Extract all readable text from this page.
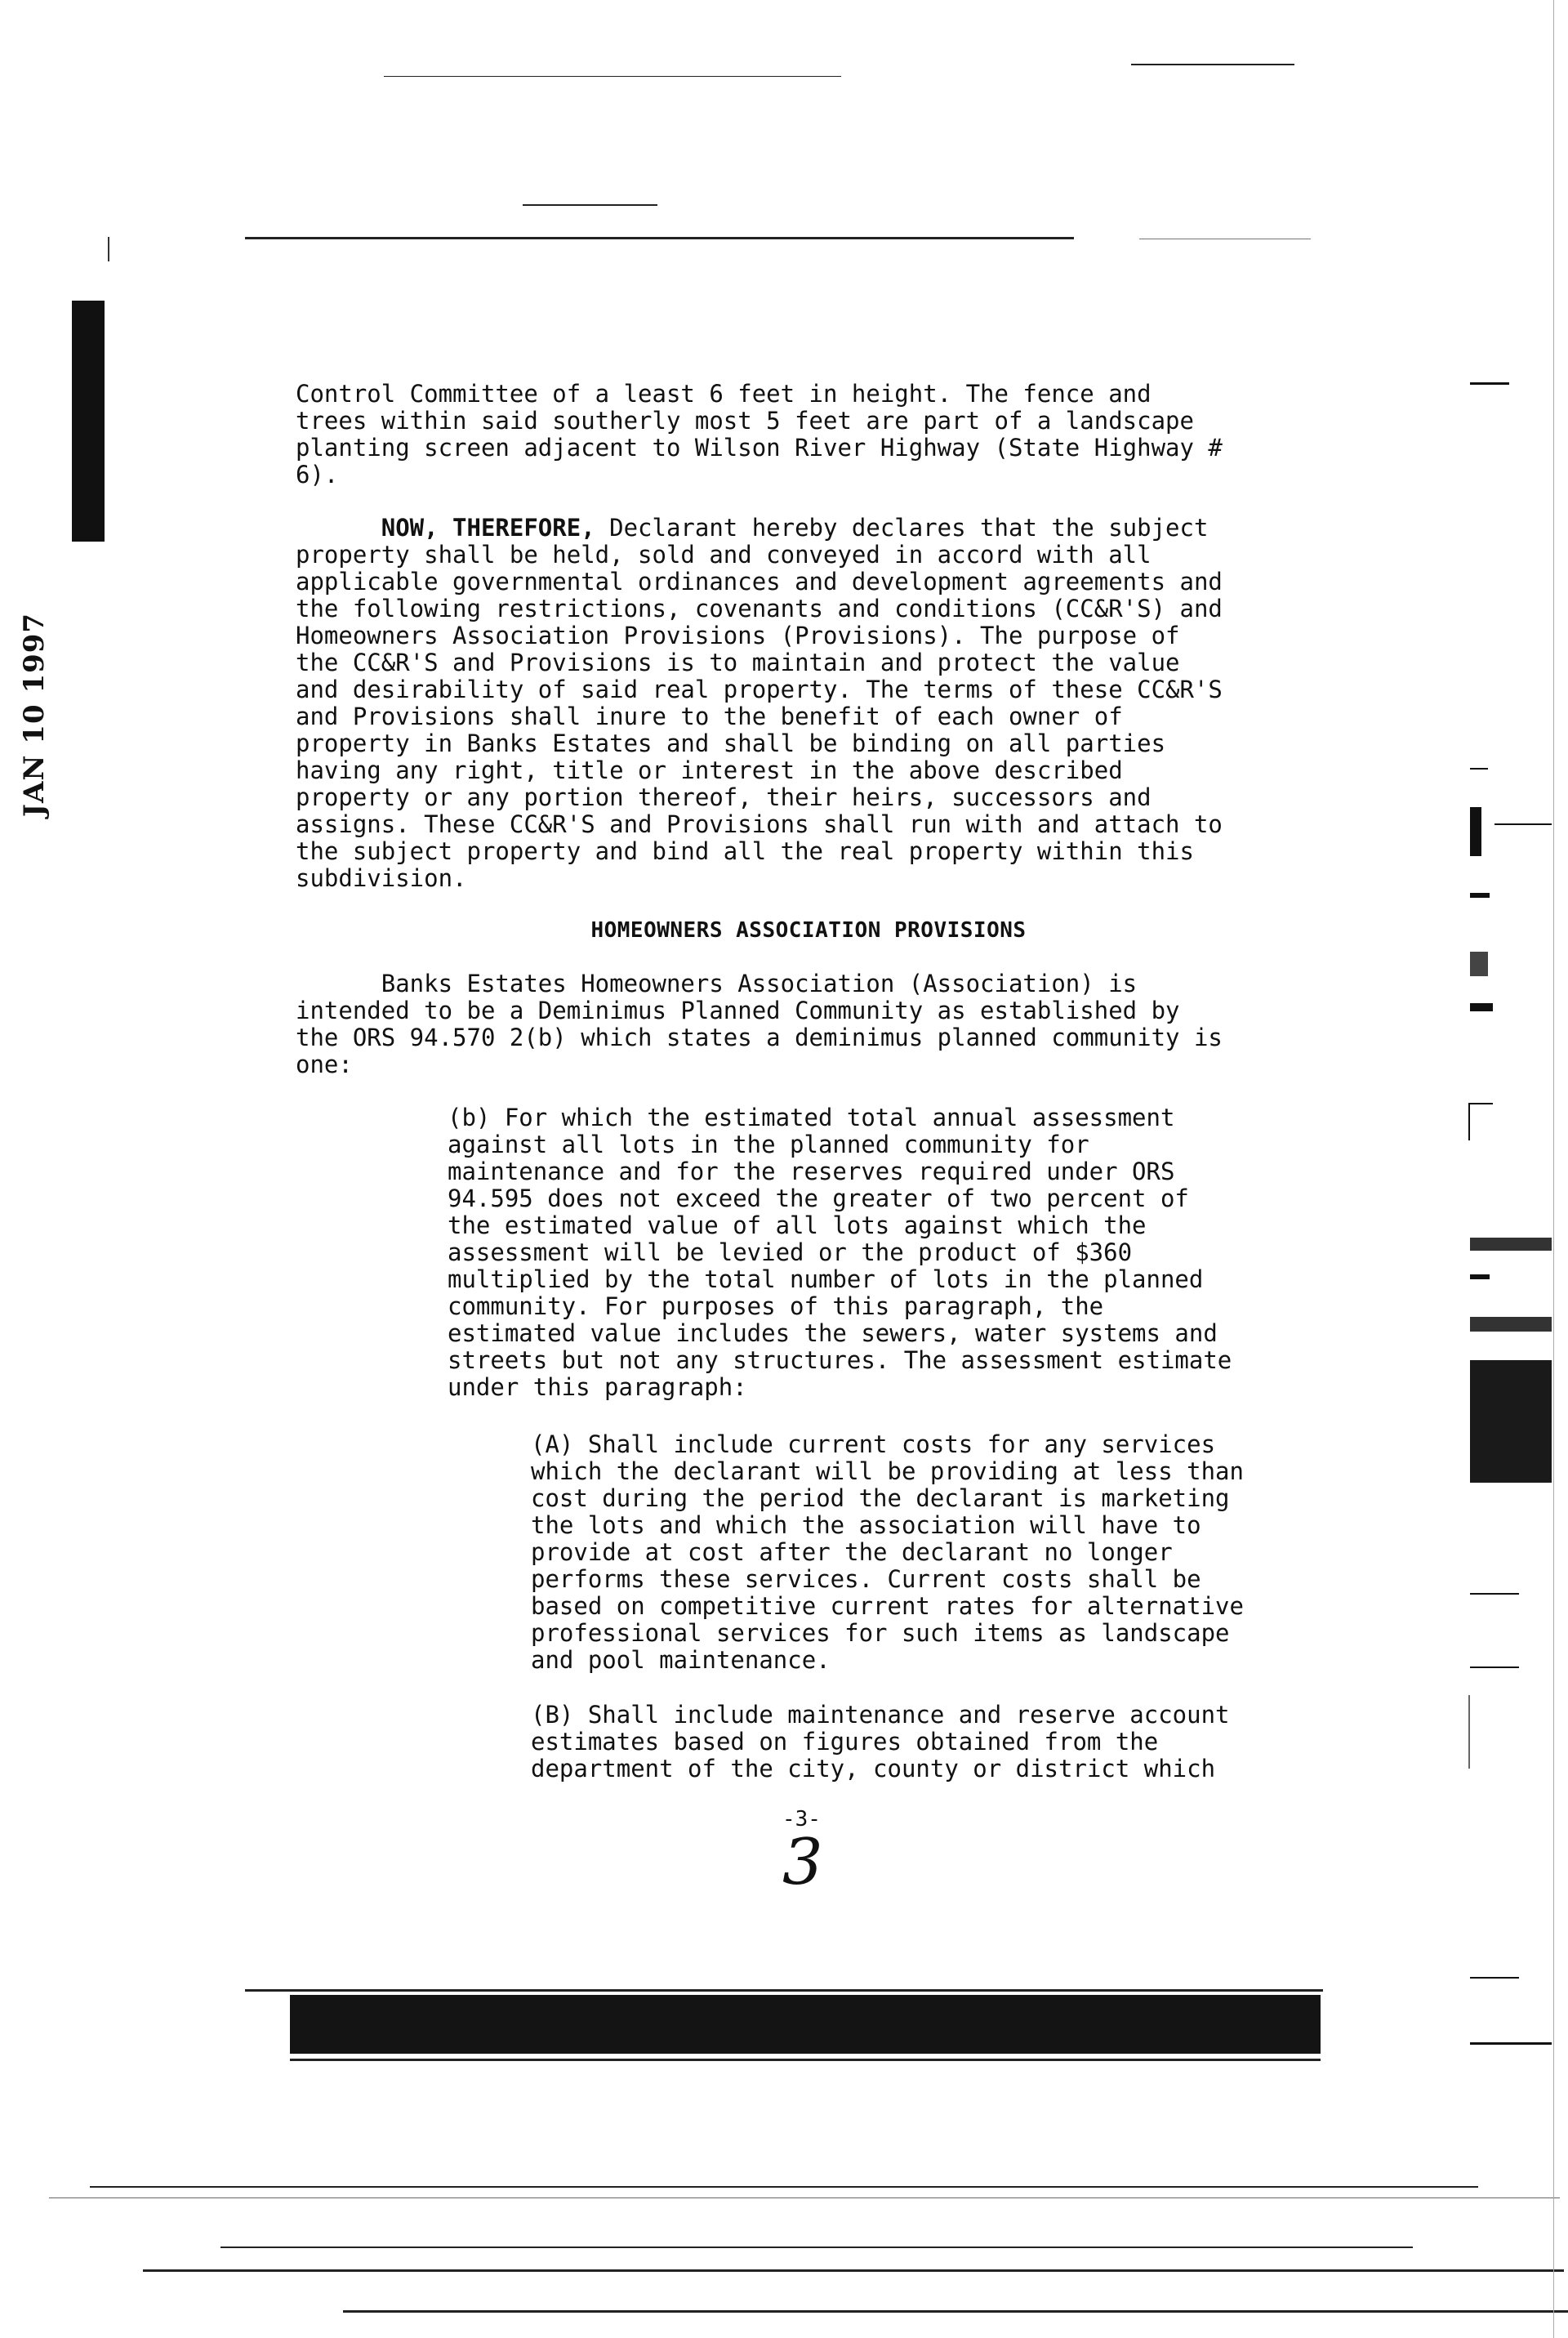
JAN 10 1997
Control Committee of a least 6 feet in height. The fence and
trees within said southerly most 5 feet are part of a landscape
planting screen adjacent to Wilson River Highway (State Highway #
6).
NOW, THEREFORE, Declarant hereby declares that the subject
property shall be held, sold and conveyed in accord with all
applicable governmental ordinances and development agreements and
the following restrictions, covenants and conditions (CC&R'S) and
Homeowners Association Provisions (Provisions). The purpose of
the CC&R'S and Provisions is to maintain and protect the value
and desirability of said real property. The terms of these CC&R'S
and Provisions shall inure to the benefit of each owner of
property in Banks Estates and shall be binding on all parties
having any right, title or interest in the above described
property or any portion thereof, their heirs, successors and
assigns. These CC&R'S and Provisions shall run with and attach to
the subject property and bind all the real property within this
subdivision.
HOMEOWNERS ASSOCIATION PROVISIONS
Banks Estates Homeowners Association (Association) is
intended to be a Deminimus Planned Community as established by
the ORS 94.570 2(b) which states a deminimus planned community is
one:
(b) For which the estimated total annual assessment
against all lots in the planned community for
maintenance and for the reserves required under ORS
94.595 does not exceed the greater of two percent of
the estimated value of all lots against which the
assessment will be levied or the product of $360
multiplied by the total number of lots in the planned
community. For purposes of this paragraph, the
estimated value includes the sewers, water systems and
streets but not any structures. The assessment estimate
under this paragraph:
(A) Shall include current costs for any services
which the declarant will be providing at less than
cost during the period the declarant is marketing
the lots and which the association will have to
provide at cost after the declarant no longer
performs these services. Current costs shall be
based on competitive current rates for alternative
professional services for such items as landscape
and pool maintenance.
(B) Shall include maintenance and reserve account
estimates based on figures obtained from the
department of the city, county or district which
-3-
3
